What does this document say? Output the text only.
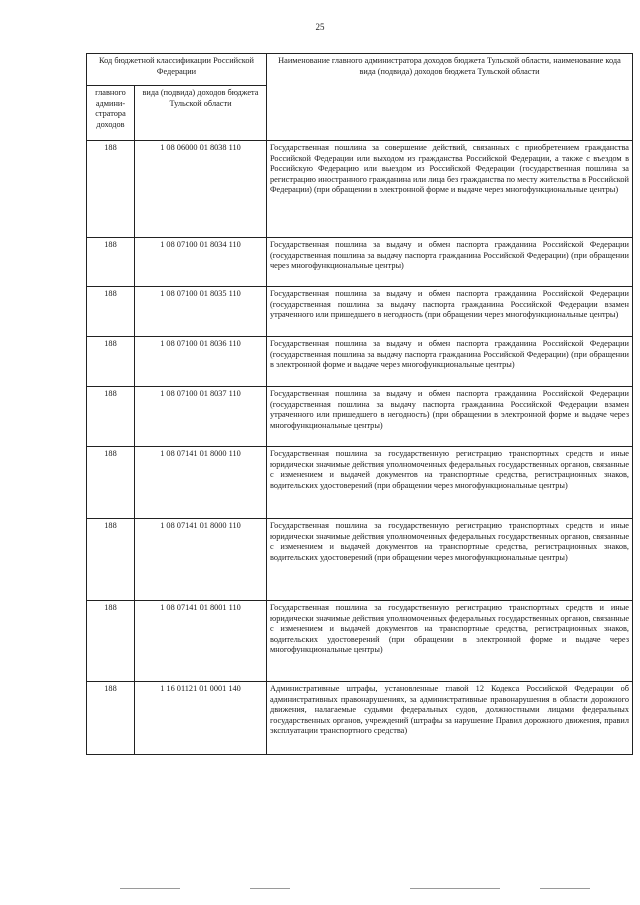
25
Код бюджетной классификации Российской Федерации		Наименование главного администратора доходов бюджета Тульской области, наименование кода вида (подвида) доходов бюджета Тульской области
главного админи-стратора доходов	вида (подвида) доходов бюджета Тульской области	
188	1 08 06000 01 8038 110	Государственная пошлина за совершение действий, связанных с приобретением гражданства Российской Федерации или выходом из гражданства Российской Федерации, а также с въездом в Российскую Федерацию или выездом из Российской Федерации (государственная пошлина за регистрацию иностранного гражданина или лица без гражданства по месту жительства в Российской Федерации) (при обращении в электронной форме и выдаче через многофункциональные центры)
188	1 08 07100 01 8034 110	Государственная пошлина за выдачу и обмен паспорта гражданина Российской Федерации (государственная пошлина за выдачу паспорта гражданина Российской Федерации) (при обращении через многофункциональные центры)
188	1 08 07100 01 8035 110	Государственная пошлина за выдачу и обмен паспорта гражданина Российской Федерации (государственная пошлина за выдачу паспорта гражданина Российской Федерации взамен утраченного или пришедшего в негодность (при обращении через многофункциональные центры)
188	1 08 07100 01 8036 110	Государственная пошлина за выдачу и обмен паспорта гражданина Российской Федерации (государственная пошлина за выдачу паспорта гражданина Российской Федерации) (при обращении в электронной форме и выдаче через многофункциональные центры)
188	1 08 07100 01 8037 110	Государственная пошлина за выдачу и обмен паспорта гражданина Российской Федерации (государственная пошлина за выдачу паспорта гражданина Российской Федерации взамен утраченного или пришедшего в негодность) (при обращении в электронной форме и выдаче через многофункциональные центры)
188	1 08 07141 01 8000 110	Государственная пошлина за государственную регистрацию транспортных средств и иные юридически значимые действия уполномоченных федеральных государственных органов, связанные с изменением и выдачей документов на транспортные средства, регистрационных знаков, водительских удостоверений (при обращении через многофункциональные центры)
188	1 08 07141 01 8000 110	Государственная пошлина за государственную регистрацию транспортных средств и иные юридически значимые действия уполномоченных федеральных государственных органов, связанные с изменением и выдачей документов на транспортные средства, регистрационных знаков, водительских удостоверений (при обращении через многофункциональные центры)
188	1 08 07141 01 8001 110	Государственная пошлина за государственную регистрацию транспортных средств и иные юридически значимые действия уполномоченных федеральных государственных органов, связанные с изменением и выдачей документов на транспортные средства, регистрационных знаков, водительских удостоверений (при обращении в электронной форме и выдаче через многофункциональные центры)
188	1 16 01121 01 0001 140	Административные штрафы, установленные главой 12 Кодекса Российской Федерации об административных правонарушениях, за административные правонарушения в области дорожного движения, налагаемые судьями федеральных судов, должностными лицами федеральных государственных органов, учреждений (штрафы за нарушение Правил дорожного движения, правил эксплуатации транспортного средства)
